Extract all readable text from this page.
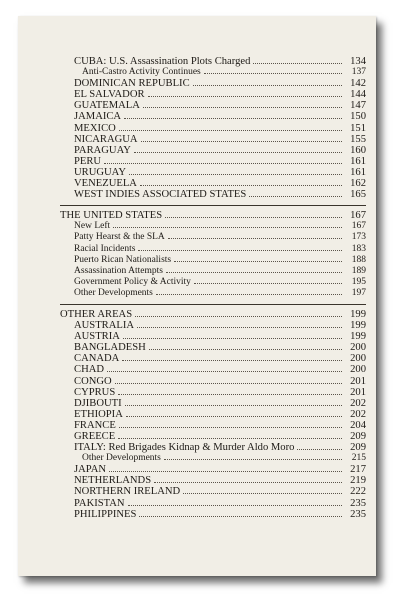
CUBA: U.S. Assassination Plots Charged	134
Anti-Castro Activity Continues	137
DOMINICAN REPUBLIC	142
EL SALVADOR	144
GUATEMALA	147
JAMAICA	150
MEXICO	151
NICARAGUA	155
PARAGUAY	160
PERU	161
URUGUAY	161
VENEZUELA	162
WEST INDIES ASSOCIATED STATES	165
THE UNITED STATES	167
New Left	167
Patty Hearst & the SLA	173
Racial Incidents	183
Puerto Rican Nationalists	188
Assassination Attempts	189
Government Policy & Activity	195
Other Developments	197
OTHER AREAS	199
AUSTRALIA	199
AUSTRIA	199
BANGLADESH	200
CANADA	200
CHAD	200
CONGO	201
CYPRUS	201
DJIBOUTI	202
ETHIOPIA	202
FRANCE	204
GREECE	209
ITALY: Red Brigades Kidnap & Murder Aldo Moro	209
Other Developments	215
JAPAN	217
NETHERLANDS	219
NORTHERN IRELAND	222
PAKISTAN	235
PHILIPPINES	235
